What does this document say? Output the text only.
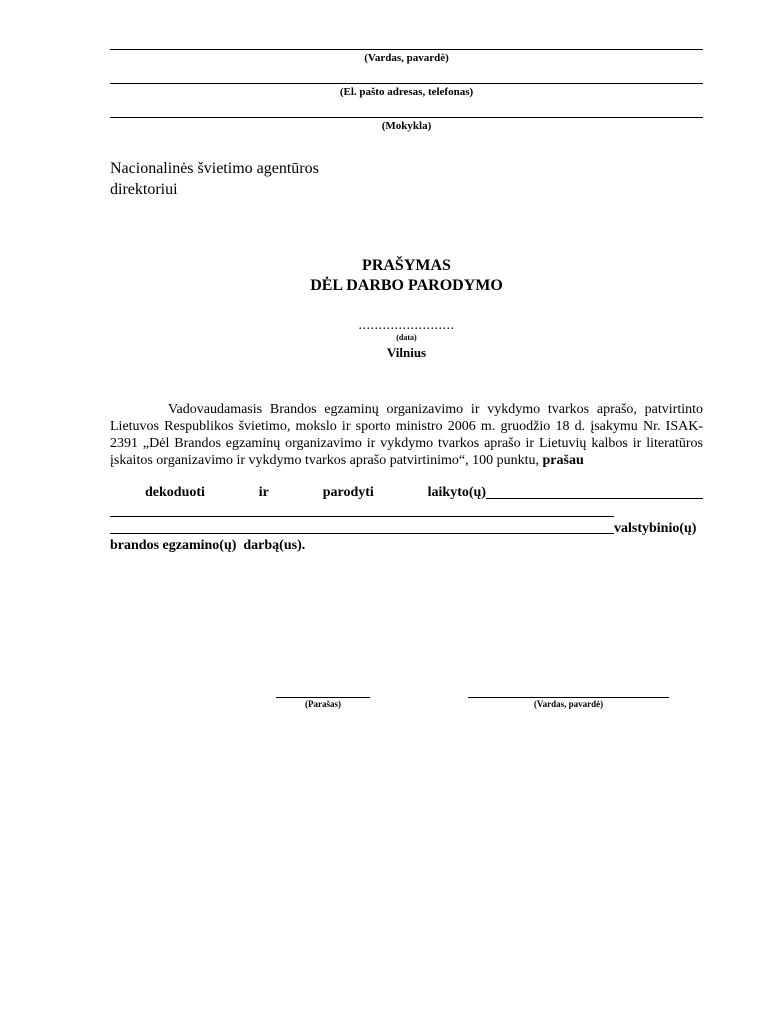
(Vardas, pavardė)
(El. pašto adresas, telefonas)
(Mokykla)
Nacionalinės švietimo agentūros
direktoriui
PRAŠYMAS
DĖL DARBO PARODYMO
........................
(data)
Vilnius
Vadovaudamasis Brandos egzaminų organizavimo ir vykdymo tvarkos aprašo, patvirtinto Lietuvos Respublikos švietimo, mokslo ir sporto ministro 2006 m. gruodžio 18 d. įsakymu Nr. ISAK-2391 „Dėl Brandos egzaminų organizavimo ir vykdymo tvarkos aprašo ir Lietuvių kalbos ir literatūros įskaitos organizavimo ir vykdymo tvarkos aprašo patvirtinimo“, 100 punktu, prašau
dekoduoti	ir	parodyti	laikyto(ų)
valstybinio(ų)
brandos egzamino(ų)  darbą(us).
(Parašas)	(Vardas, pavardė)
